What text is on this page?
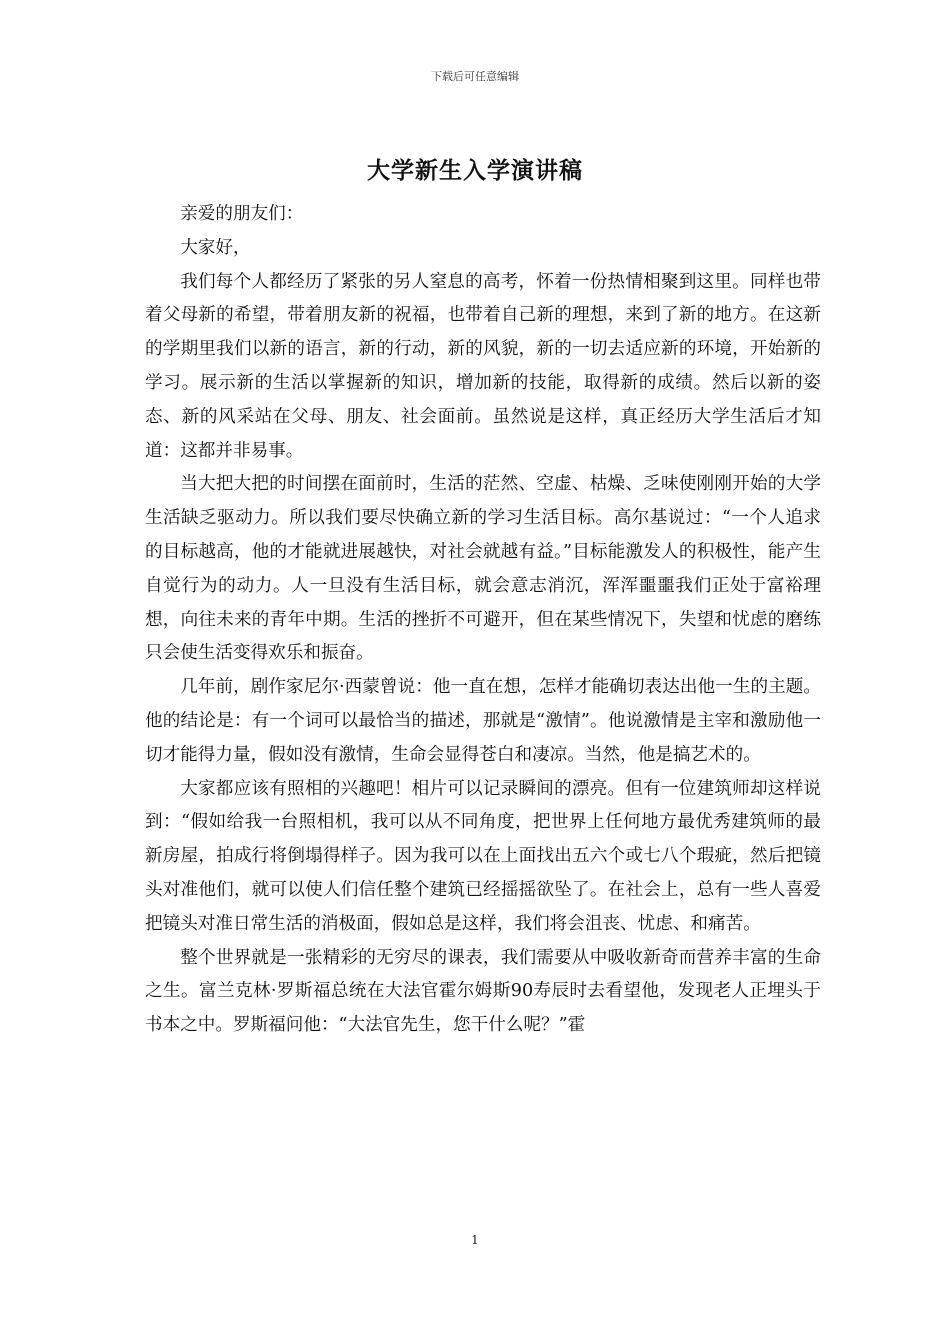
下载后可任意编辑
大学新生入学演讲稿

亲爱的朋友们：

大家好，

我们每个人都经历了紧张的另人窒息的高考，怀着一份热情相聚到这里。同样也带着父母新的希望，带着朋友新的祝福，也带着自己新的理想，来到了新的地方。在这新的学期里我们以新的语言，新的行动，新的风貌，新的一切去适应新的环境，开始新的学习。展示新的生活以掌握新的知识，增加新的技能，取得新的成绩。然后以新的姿态、新的风采站在父母、朋友、社会面前。虽然说是这样，真正经历大学生活后才知道：这都并非易事。

当大把大把的时间摆在面前时，生活的茫然、空虚、枯燥、乏味使刚刚开始的大学生活缺乏驱动力。所以我们要尽快确立新的学习生活目标。高尔基说过：“一个人追求的目标越高，他的才能就进展越快，对社会就越有益。”目标能激发人的积极性，能产生自觉行为的动力。人一旦没有生活目标，就会意志消沉，浑浑噩噩我们正处于富裕理想，向往未来的青年中期。生活的挫折不可避开，但在某些情况下，失望和忧虑的磨练只会使生活变得欢乐和振奋。

几年前，剧作家尼尔·西蒙曾说：他一直在想，怎样才能确切表达出他一生的主题。他的结论是：有一个词可以最恰当的描述，那就是“激情”。他说激情是主宰和激励他一切才能得力量，假如没有激情，生命会显得苍白和凄凉。当然，他是搞艺术的。

大家都应该有照相的兴趣吧！相片可以记录瞬间的漂亮。但有一位建筑师却这样说到：“假如给我一台照相机，我可以从不同角度，把世界上任何地方最优秀建筑师的最新房屋，拍成行将倒塌得样子。因为我可以在上面找出五六个或七八个瑕疵，然后把镜头对准他们，就可以使人们信任整个建筑已经摇摇欲坠了。在社会上，总有一些人喜爱把镜头对准日常生活的消极面，假如总是这样，我们将会沮丧、忧虑、和痛苦。

整个世界就是一张精彩的无穷尽的课表，我们需要从中吸收新奇而营养丰富的生命之生。富兰克林·罗斯福总统在大法官霍尔姆斯90寿辰时去看望他，发现老人正埋头于书本之中。罗斯福问他：“大法官先生，您干什么呢？”霍

1
